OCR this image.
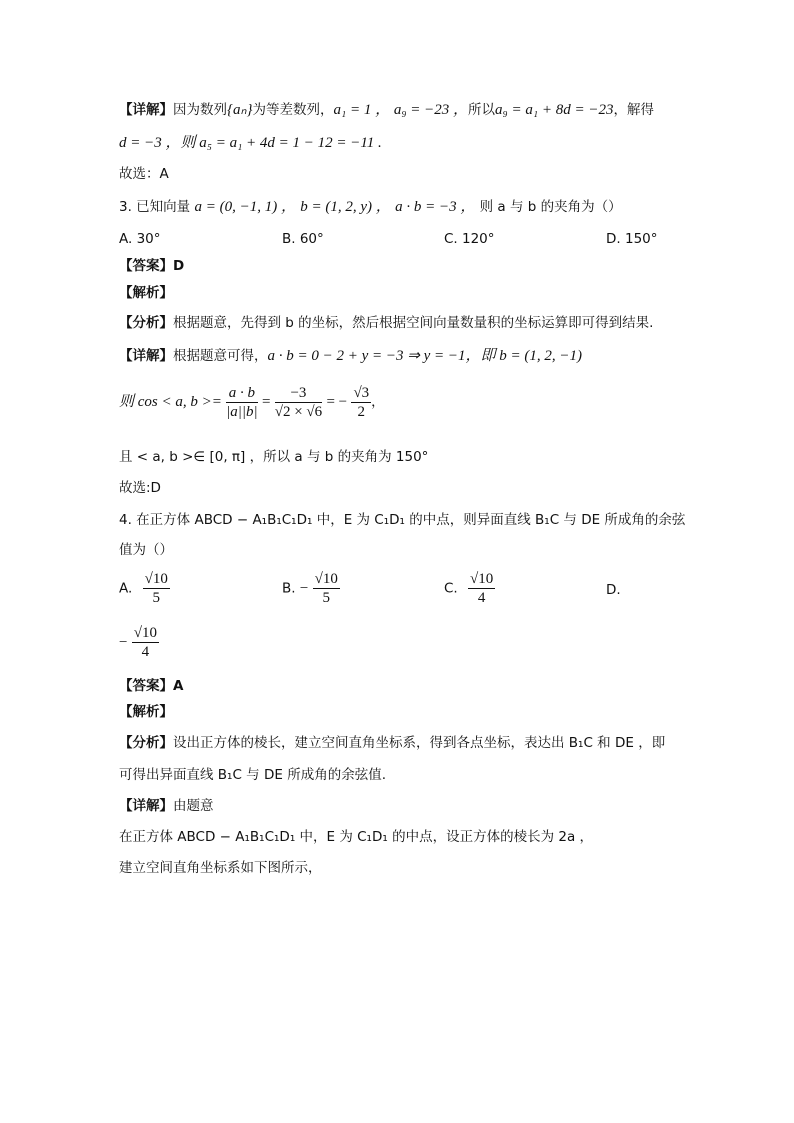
【详解】因为数列{aₙ}为等差数列，a₁ = 1 ， a₉ = −23 ，所以a₉ = a₁ + 8d = −23，解得
d = −3 ，则 a₅ = a₁ + 4d = 1 − 12 = −11 .
故选：A
3. 已知向量 a = (0, −1, 1) ， b = (1, 2, y) ， a · b = −3 ， 则 a 与 b 的夹角为（）
A. 30°	B. 60°	C. 120°	D. 150°
【答案】D
【解析】
【分析】根据题意，先得到 b 的坐标，然后根据空间向量数量积的坐标运算即可得到结果.
【详解】根据题意可得，a · b = 0 − 2 + y = −3 ⇒ y = −1，即 b = (1, 2, −1)
则 cos < a, $b >= \frac{a \cdot b}{|a||b|} = \frac{-3}{√2 \times √6}$ = − $\frac{√3}{2}$ ，
且 < a, b >∈ [0, π] ，所以 a 与 b 的夹角为 150°
故选:D
4. 在正方体 ABCD − A₁B₁C₁D₁ 中，E 为 C₁D₁ 的中点，则异面直线 B₁C 与 DE 所成角的余弦
值为（）
A. $\frac{√10}{5}$	B. − $\frac{√10}{5}$	C. $\frac{√10}{4}$	D.
− $\frac{√10}{4}$
【答案】A
【解析】
【分析】设出正方体的棱长，建立空间直角坐标系，得到各点坐标，表达出 B₁C 和 DE ，即
可得出异面直线 B₁C 与 DE 所成角的余弦值.
【详解】由题意
在正方体 ABCD − A₁B₁C₁D₁ 中，E 为 C₁D₁ 的中点，设正方体的棱长为 2a ，
建立空间直角坐标系如下图所示，
